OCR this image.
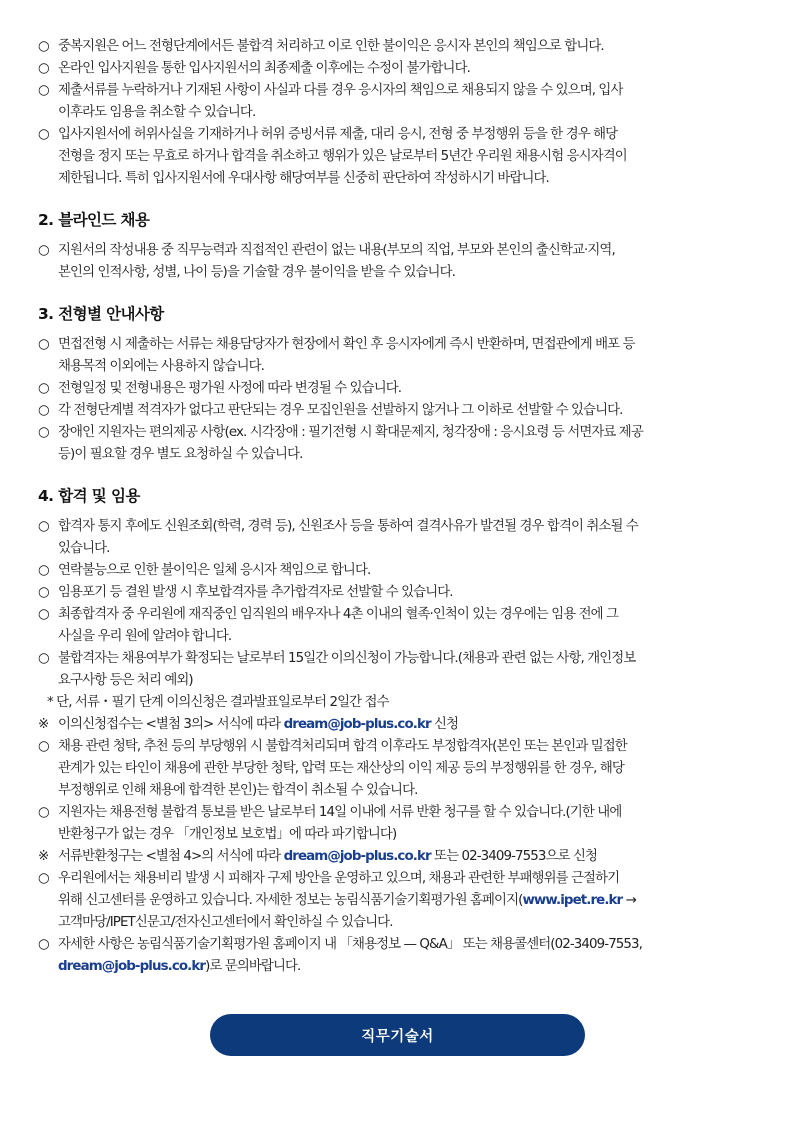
○ 중복지원은 어느 전형단계에서든 불합격 처리하고 이로 인한 불이익은 응시자 본인의 책임으로 합니다.
○ 온라인 입사지원을 통한 입사지원서의 최종제출 이후에는 수정이 불가합니다.
○ 제출서류를 누락하거나 기재된 사항이 사실과 다를 경우 응시자의 책임으로 채용되지 않을 수 있으며, 입사
이후라도 임용을 취소할 수 있습니다.
○ 입사지원서에 허위사실을 기재하거나 허위 증빙서류 제출, 대리 응시, 전형 중 부정행위 등을 한 경우 해당
전형을 정지 또는 무효로 하거나 합격을 취소하고 행위가 있은 날로부터 5년간 우리원 채용시험 응시자격이
제한됩니다. 특히 입사지원서에 우대사항 해당여부를 신중히 판단하여 작성하시기 바랍니다.
2. 블라인드 채용
○ 지원서의 작성내용 중 직무능력과 직접적인 관련이 없는 내용(부모의 직업, 부모와 본인의 출신학교·지역,
본인의 인적사항, 성별, 나이 등)을 기술할 경우 불이익을 받을 수 있습니다.
3. 전형별 안내사항
○ 면접전형 시 제출하는 서류는 채용담당자가 현장에서 확인 후 응시자에게 즉시 반환하며, 면접관에게 배포 등
채용목적 이외에는 사용하지 않습니다.
○ 전형일정 및 전형내용은 평가원 사정에 따라 변경될 수 있습니다.
○ 각 전형단계별 적격자가 없다고 판단되는 경우 모집인원을 선발하지 않거나 그 이하로 선발할 수 있습니다.
○ 장애인 지원자는 편의제공 사항(ex. 시각장애 : 필기전형 시 확대문제지, 청각장애 : 응시요령 등 서면자료 제공
등)이 필요할 경우 별도 요청하실 수 있습니다.
4. 합격 및 임용
○ 합격자 통지 후에도 신원조회(학력, 경력 등), 신원조사 등을 통하여 결격사유가 발견될 경우 합격이 취소될 수
있습니다.
○ 연락불능으로 인한 불이익은 일체 응시자 책임으로 합니다.
○ 임용포기 등 결원 발생 시 후보합격자를 추가합격자로 선발할 수 있습니다.
○ 최종합격자 중 우리원에 재직중인 임직원의 배우자나 4촌 이내의 혈족·인척이 있는 경우에는 임용 전에 그
사실을 우리 원에 알려야 합니다.
○ 불합격자는 채용여부가 확정되는 날로부터 15일간 이의신청이 가능합니다.(채용과 관련 없는 사항, 개인정보
요구사항 등은 처리 예외)
* 단, 서류・필기 단계 이의신청은 결과발표일로부터 2일간 접수
※ 이의신청접수는 <별첨 3의> 서식에 따라 dream@job-plus.co.kr 신청
○ 채용 관련 청탁, 추천 등의 부당행위 시 불합격처리되며 합격 이후라도 부정합격자(본인 또는 본인과 밀접한
관계가 있는 타인이 채용에 관한 부당한 청탁, 압력 또는 재산상의 이익 제공 등의 부정행위를 한 경우, 해당
부정행위로 인해 채용에 합격한 본인)는 합격이 취소될 수 있습니다.
○ 지원자는 채용전형 불합격 통보를 받은 날로부터 14일 이내에 서류 반환 청구를 할 수 있습니다.(기한 내에
반환청구가 없는 경우 「개인정보 보호법」에 따라 파기합니다)
※ 서류반환청구는 <별첨 4>의 서식에 따라 dream@job-plus.co.kr 또는 02-3409-7553으로 신청
○ 우리원에서는 채용비리 발생 시 피해자 구제 방안을 운영하고 있으며, 채용과 관련한 부패행위를 근절하기
위해 신고센터를 운영하고 있습니다. 자세한 정보는 농림식품기술기획평가원 홈페이지(www.ipet.re.kr →
고객마당/IPET신문고/전자신고센터에서 확인하실 수 있습니다.
○ 자세한 사항은 농림식품기술기획평가원 홈페이지 내 「채용정보 — Q&A」 또는 채용콜센터(02-3409-7553,
dream@job-plus.co.kr)로 문의바랍니다.
직무기술서
